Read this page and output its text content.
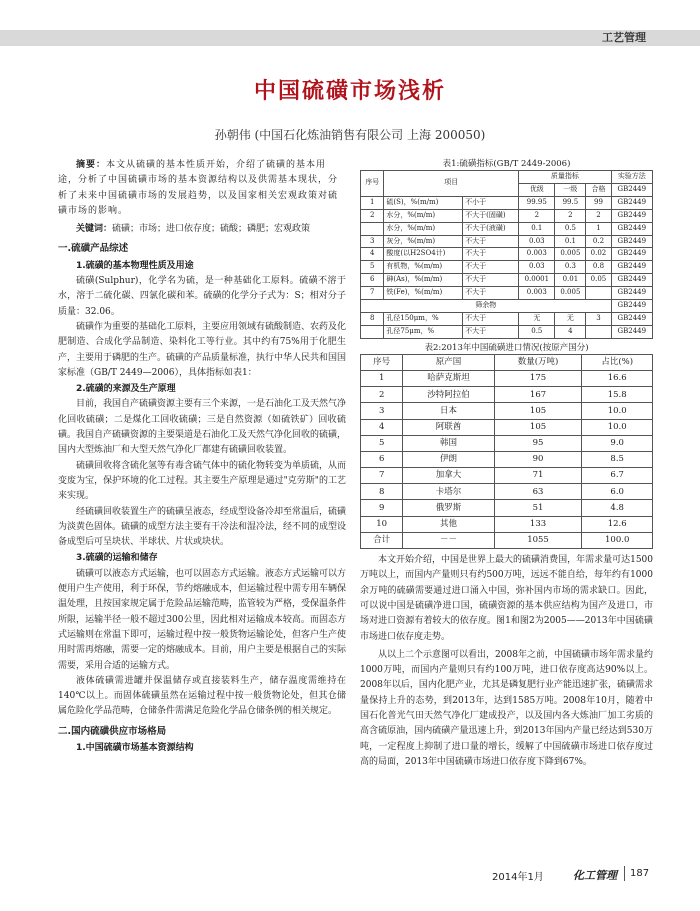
工艺管理
中国硫磺市场浅析
孙朝伟 (中国石化炼油销售有限公司 上海 200050)

摘要：本文从硫磺的基本性质开始，介绍了硫磺的基本用途，分析了中国硫磺市场的基本资源结构以及供需基本现状，分析了未来中国硫磺市场的发展趋势，以及国家相关宏观政策对硫磺市场的影响。

关键词：硫磺；市场；进口依存度；硫酸；磷肥；宏观政策

一.硫磺产品综述
1.硫磺的基本物理性质及用途

硫磺(Sulphur)，化学名为硫，是一种基础化工原料。硫磺不溶于水，溶于二硫化碳、四氯化碳和苯。硫磺的化学分子式为：S；相对分子质量：32.06。

硫磺作为重要的基础化工原料，主要应用领域有硫酸制造、农药及化肥制造、合成化学品制造、染料化工等行业。其中约有75%用于化肥生产，主要用于磷肥的生产。硫磺的产品质量标准，执行中华人民共和国国家标准（GB/T 2449—2006），具体指标如表1：

2.硫磺的来源及生产原理

目前，我国自产硫磺资源主要有三个来源，一是石油化工及天然气净化回收硫磺；二是煤化工回收硫磺；三是自然资源（如硫铁矿）回收硫磺。我国自产硫磺资源的主要渠道是石油化工及天然气净化回收的硫磺，国内大型炼油厂和大型天然气净化厂都建有硫磺回收装置。

硫磺回收将含硫化氢等有毒含硫气体中的硫化物转变为单质硫，从而变废为宝，保护环境的化工过程。其主要生产原理是通过"克劳斯"的工艺来实现。

经硫磺回收装置生产的硫磺呈液态，经成型设备冷却至常温后，硫磺为淡黄色固体。硫磺的成型方法主要有干冷法和湿冷法，经不同的成型设备成型后可呈块状、半球状、片状或块状。

3.硫磺的运输和储存

硫磺可以液态方式运输，也可以固态方式运输。液态方式运输可以方便用户生产使用，利于环保，节约熔融成本，但运输过程中需专用车辆保温处理，且按国家规定属于危险品运输范畴，监管较为严格，受保温条件所限，运输半径一般不超过300公里，因此相对运输成本较高。而固态方式运输则在常温下即可，运输过程中按一般货物运输论处，但客户生产使用时需再熔融，需要一定的熔融成本。目前，用户主要是根据自己的实际需要，采用合适的运输方式。

液体硫磺需进罐并保温储存或直接装料生产，储存温度需维持在140℃以上。而固体硫磺虽然在运输过程中按一般货物论处，但其仓储属危险化学品范畴，仓储条件需满足危险化学品仓储条例的相关规定。

二.国内硫磺供应市场格局
1.中国硫磺市场基本资源结构
表1:硫磺指标(GB/T 2449-2006)
序号	项目		质量指标			实验方法
			优级	一级	合格	GB2449
1	硫(S)，%(m/m)	不小于	99.95	99.5	99	GB2449
2	水分，%(m/m)	不大于(固磺)	2	2	2	GB2449
	水分，%(m/m)	不大于(液磺)	0.1	0.5	1	GB2449
3	灰分，%(m/m)	不大于	0.03	0.1	0.2	GB2449
4	酸度(以H2SO4计)	不大于	0.003	0.005	0.02	GB2449
5	有机物，%(m/m)	不大于	0.03	0.3	0.8	GB2449
6	砷(As)，%(m/m)	不大于	0.0001	0.01	0.05	GB2449
7	铁(Fe)，%(m/m)	不大于	0.003	0.005		GB2449
筛余物						GB2449
8	孔径150μm，%	不大于	无	无	3	GB2449
	孔径75μm，%	不大于	0.5	4		GB2449
表2:2013年中国硫磺进口情况(按原产国分)
序号	原产国	数量(万吨)	占比(%)
1	哈萨克斯坦	175	16.6
2	沙特阿拉伯	167	15.8
3	日本	105	10.0
4	阿联酋	105	10.0
5	韩国	95	9.0
6	伊朗	90	8.5
7	加拿大	71	6.7
8	卡塔尔	63	6.0
9	俄罗斯	51	4.8
10	其他	133	12.6
合计	－－	1055	100.0

本文开始介绍，中国是世界上最大的硫磺消费国，年需求量可达1500万吨以上，而国内产量则只有约500万吨，远远不能自给，每年约有1000余万吨的硫磺需要通过进口涌入中国，弥补国内市场的需求缺口。因此，可以说中国是硫磺净进口国，硫磺资源的基本供应结构为国产及进口，市场对进口资源有着较大的依存度。图1和图2为2005——2013年中国硫磺市场进口依存度走势。

从以上二个示意图可以看出，2008年之前，中国硫磺市场年需求量约1000万吨，而国内产量则只有约100万吨，进口依存度高达90%以上。2008年以后，国内化肥产业，尤其是磷复肥行业产能迅速扩张，硫磺需求量保持上升的态势，到2013年，达到1585万吨。2008年10月，随着中国石化普光气田天然气净化厂建成投产，以及国内各大炼油厂加工劣质的高含硫原油，国内硫磺产量迅速上升，到2013年国内产量已经达到530万吨，一定程度上抑制了进口量的增长，缓解了中国硫磺市场进口依存度过高的局面，2013年中国硫磺市场进口依存度下降到67%。

2014年1月	化工管理 187
